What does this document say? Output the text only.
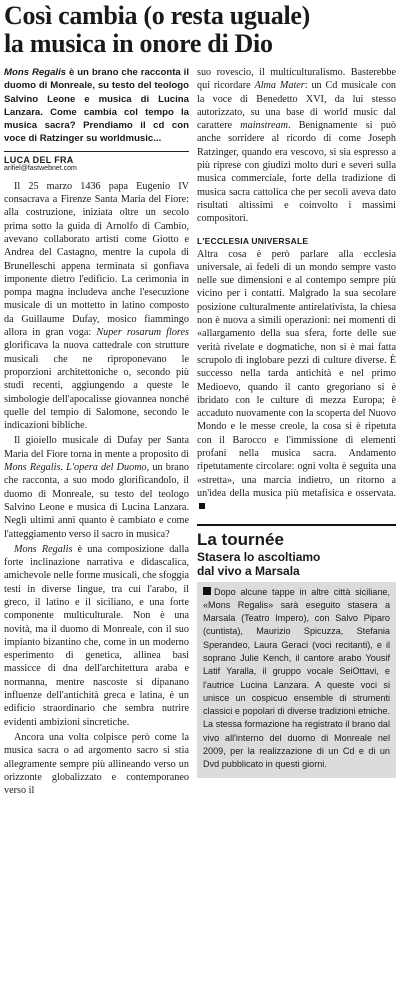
Così cambia (o resta uguale)
la musica in onore di Dio

Mons Regalis è un brano che racconta il duomo di Monreale, su testo del teologo Salvino Leone e musica di Lucina Lanzara. Come cambia col tempo la musica sacra? Prendiamo il cd con voce di Ratzinger su worldmusic...

LUCA DEL FRA
arifiel@fastwebnet.com

Il 25 marzo 1436 papa Eugenio IV consacrava a Firenze Santa Maria del Fiore: alla costruzione, iniziata oltre un secolo prima sotto la guida di Arnolfo di Cambio, avevano collaborato artisti come Giotto e Andrea del Castagno, mentre la cupola di Brunelleschi appena terminata si gonfiava imponente dietro l'edificio. La cerimonia in pompa magna includeva anche l'esecuzione musicale di un mottetto in latino composto da Guillaume Dufay, mosico fiammingo allora in gran voga: Nuper rosarum flores glorificava la nuova cattedrale con strutture musicali che ne riproponevano le proporzioni architettoniche o, secondo più studi recenti, aggiungendo a queste le simbologie dell'apocalisse giovannea nonché quelle del tempio di Salomone, secondo le indicazioni bibliche.

Il gioiello musicale di Dufay per Santa Maria del Fiore torna in mente a proposito di Mons Regalis. L'opera del Duomo, un brano che racconta, a suo modo glorificandolo, il duomo di Monreale, su testo del teologo Salvino Leone e musica di Lucina Lanzara. Negli ultimi anni quanto è cambiato e come l'atteggiamento verso il sacro in musica?

Mons Regalis è una composizione dalla forte inclinazione narrativa e didascalica, amichevole nelle forme musicali, che sfoggia testi in diverse lingue, tra cui l'arabo, il greco, il latino e il siciliano, e una forte componente multiculturale. Non è una novità, ma il duomo di Monreale, con il suo impianto bizantino che, come in un moderno esperimento di genetica, allinea basi massicce di dna dell'architettura araba e normanna, mentre nascoste si dipanano influenze dell'antichità greca e latina, è un edificio straordinario che sembra nutrire evidenti ambizioni sincretiche.

Ancora una volta colpisce però come la musica sacra o ad argomento sacro si stia allegramente sempre più allineando verso un orizzonte globalizzato e contemporaneo verso il

suo rovescio, il multiculturalismo. Basterebbe qui ricordare Alma Mater: un Cd musicale con la voce di Benedetto XVI, da lui stesso autorizzato, su una base di world music dal carattere mainstream. Benignamente si può anche sorridere al ricordo di come Joseph Ratzinger, quando era vescovo, si sia espresso a più riprese con giudizi molto duri e severi sulla musica commerciale, forte della tradizione di musica sacra cattolica che per secoli aveva dato risultati altissimi e coinvolto i massimi compositori.

L'ECCLESIA UNIVERSALE

Altra cosa è però parlare alla ecclesia universale, ai fedeli di un mondo sempre vasto nelle sue dimensioni e al contempo sempre più vicino per i contatti. Malgrado la sua secolare posizione culturalmente antirelativista, la chiesa non è nuova a simili operazioni: nei momenti di «allargamento della sua sfera, forte delle sue verità rivelate e dogmatiche, non si è mai fatta scrupolo di inglobare pezzi di culture diverse. È successo nella tarda antichità e nel primo Medioevo, quando il canto gregoriano si è ibridato con le culture di mezza Europa; è accaduto nuovamente con la scoperta del Nuovo Mondo e le messe creole, la cosa si è ripetuta con il Barocco e l'immissione di elementi profani nella musica sacra. Andamento ripetutamente circolare: ogni volta è seguita una «stretta», una marcia indietro, un ritorno a un'idea della musica più metafisica e osservata.

La tournée
Stasera lo ascoltiamo
dal vivo a Marsala
Dopo alcune tappe in altre città siciliane, «Mons Regalis» sarà eseguito stasera a Marsala (Teatro Impero), con Salvo Piparo (cuntista), Maurizio Spicuzza, Stefania Sperandeo, Laura Geraci (voci recitanti), e il soprano Julie Kench, il cantore arabo Yousif Latif Yaralla, il gruppo vocale SeiOttavi, e l'autrice Lucina Lanzara. A queste voci si unisce un cospicuo ensemble di strumenti classici e popolari di diverse tradizioni etniche. La stessa formazione ha registrato il brano dal vivo all'interno del duomo di Monreale nel 2009, per la realizzazione di un Cd e di un Dvd pubblicato in questi giorni.
